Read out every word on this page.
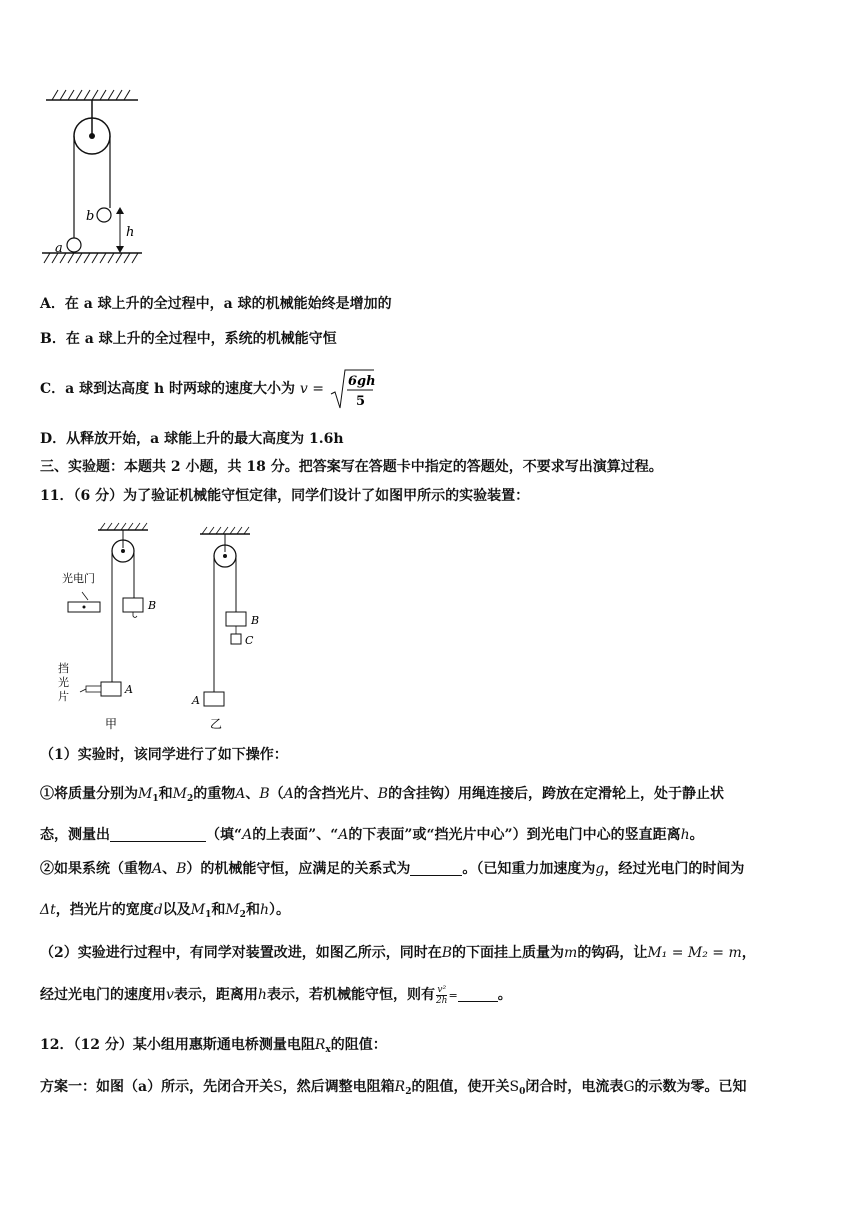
b
a
h
A．在 a 球上升的全过程中，a 球的机械能始终是增加的
B．在 a 球上升的全过程中，系统的机械能守恒
C．a 球到达高度 h 时两球的速度大小为 v = 6gh
5
D．从释放开始，a 球能上升的最大高度为 1.6h
三、实验题：本题共 2 小题，共 18 分。把答案写在答题卡中指定的答题处，不要求写出演算过程。
11．（6 分）为了验证机械能守恒定律，同学们设计了如图甲所示的实验装置：
B
光电门
挡
光
片
A
甲
B
C
A
乙
（1）实验时，该同学进行了如下操作：
①将质量分别为$M_1$和$M_2$的重物A、B（A的含挡光片、B的含挂钩）用绳连接后，跨放在定滑轮上，处于静止状
态，测量出	（填“A的上表面”、“A的下表面”或“挡光片中心”）到光电门中心的竖直距离h。
②如果系统（重物A、B）的机械能守恒，应满足的关系式为	。（已知重力加速度为g，经过光电门的时间为
Δt，挡光片的宽度d以及$M_1$和$M_2$和h）。
（2）实验进行过程中，有同学对装置改进，如图乙所示，同时在B的下面挂上质量为m的钩码，让M₁ = M₂ = m，
经过光电门的速度用v表示，距离用h表示，若机械能守恒，则有 $\frac{\text{v²}}{2h}$ =	。
12．（12 分）某小组用惠斯通电桥测量电阻$R_x$的阻值：
方案一：如图（a）所示，先闭合开关S，然后调整电阻箱$R_2$的阻值，使开关$S_0$闭合时，电流表G的示数为零。已知
